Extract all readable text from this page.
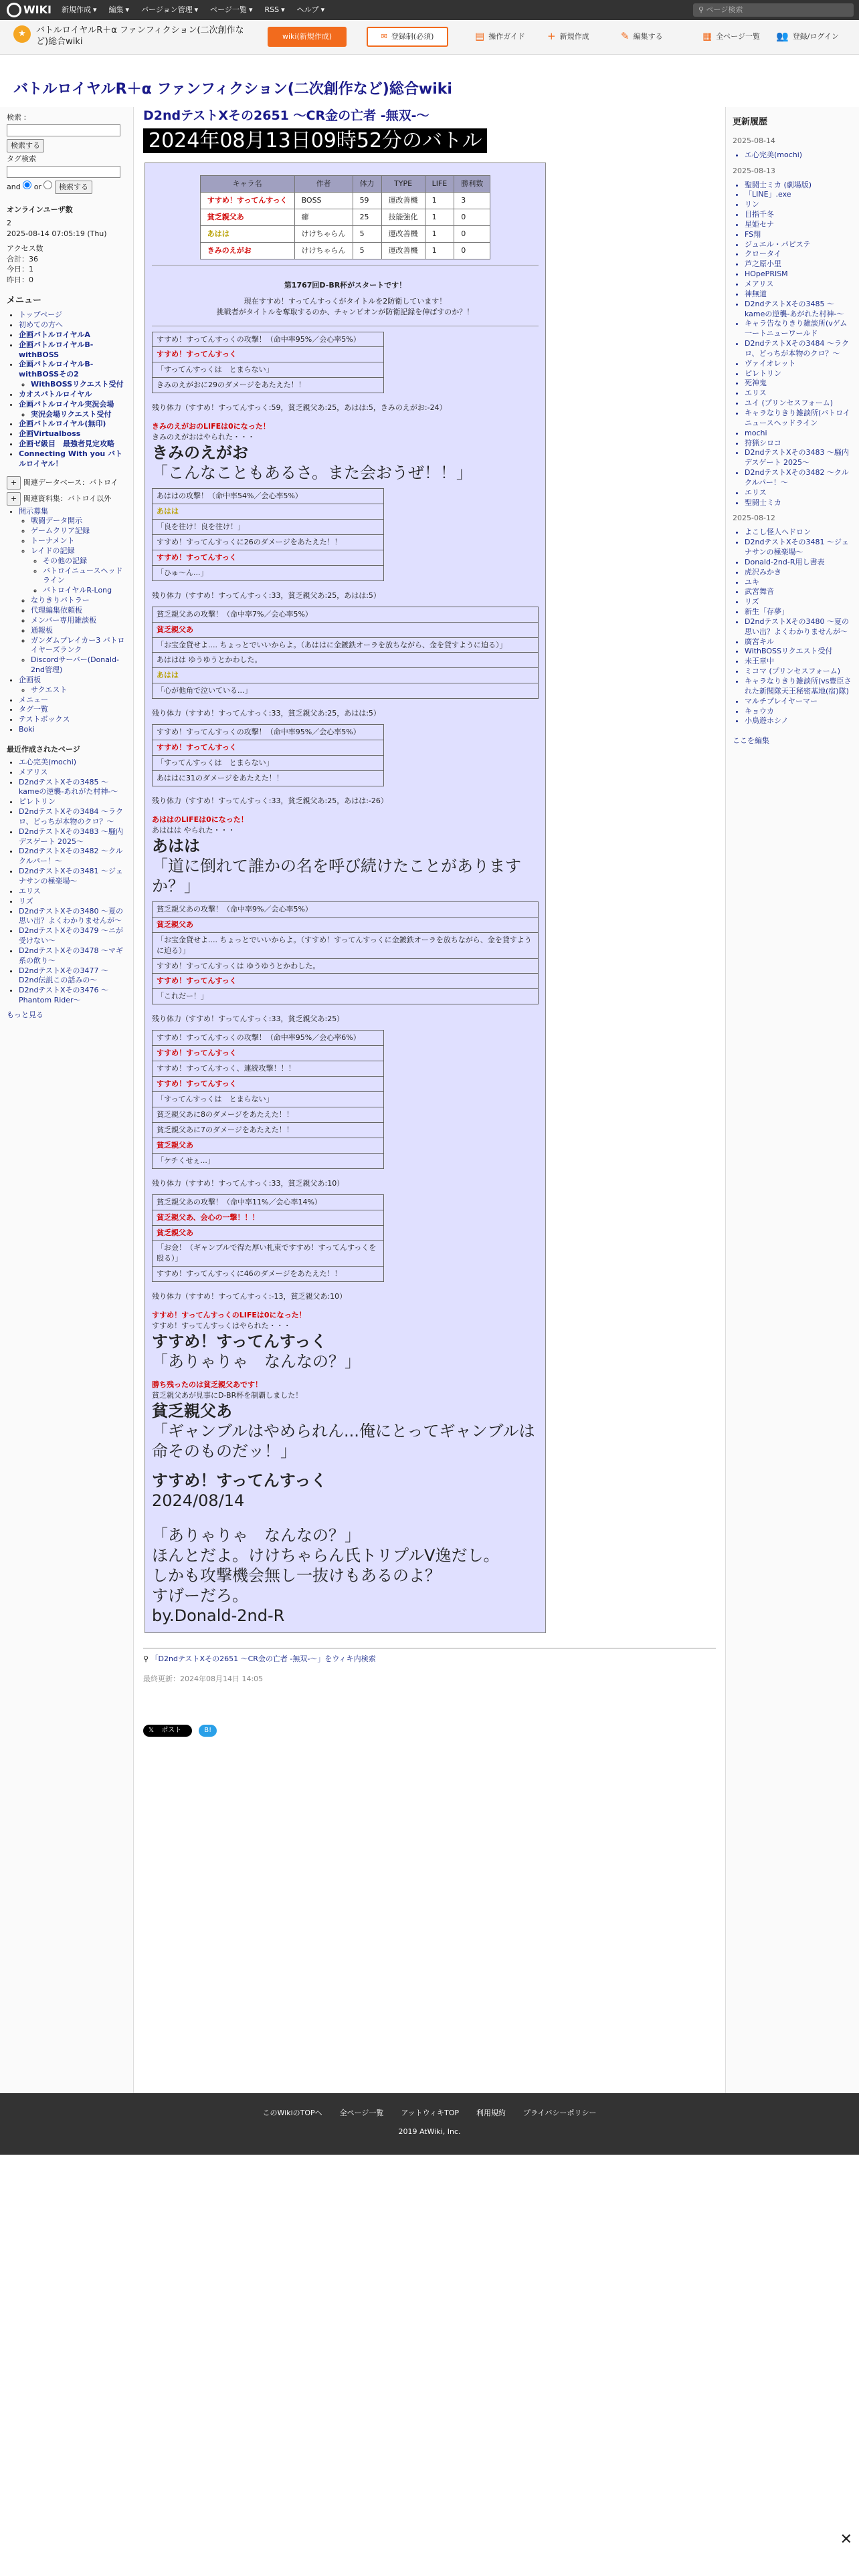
WIKI 新規作成 ▾ 編集 ▾ バージョン管理 ▾ ページ一覧 ▾ RSS ▾ ヘルプ ▾	⚲ ページ検索
★	バトルロイヤルR＋α ファンフィクション(二次創作など)総合wiki
wiki(新規作成)	✉ 登録制(必須)	▤ 操作ガイド + 新規作成	✎ 編集する	▦ 全ページ一覧 👥 登録/ログイン
バトルロイヤルR＋α ファンフィクション(二次創作など)総合wiki
検索 :
検索する
タグ検索
and or 検索する
オンラインユーザ数
2
2025-08-14 07:05:19 (Thu)
アクセス数
合計：36
今日：1
昨日：0
メニュー
• トップページ
• 初めての方へ
• 企画バトルロイヤルA
• 企画バトルロイヤルB-withBOSS
• 企画バトルロイヤルB-withBOSSその2
◦ WithBOSSリクエスト受付
• カオスバトルロイヤル
• 企画バトルロイヤル実況会場
◦ 実況会場リクエスト受付
• 企画バトルロイヤル(無印)
• 企画Virtualboss
• 企画ゼ級目　最強者見定攻略
• Connecting With you バトルロイヤル！
+ 関連データベース：バトロイ
+ 関連資料集：バトロイ以外
• 開示募集
◦ 戦闘データ開示
◦ ゲームクリア記録
◦ トーナメント
◦ レイドの記録
◦ その他の記録
◦ バトロイニュースヘッドライン
◦ バトロイヤルR-Long
◦ なりきりバトラー
◦ 代理編集依頼板
◦ メンバー専用雑談板
◦ 通報板
◦ ガンダムブレイカー3 バトロイヤーズランク
◦ Discordサーバー(Donald-2nd管理)
• 企画板
◦ サクエスト
• メニュー
• タグ一覧
• テストボックス
• Boki
最近作成されたページ
• エ心完美(mochi)
• メアリス
• D2ndテストXその3485 〜kameの逆襲-あれがた村神-〜
• ピレトリン
• D2ndテストXその3484 〜ラクロ、どっちが本物のクロ？〜
• D2ndテストXその3483 〜騒内デスゲート 2025〜
• D2ndテストXその3482 〜クルクルパー！〜
• D2ndテストXその3481 〜ジェナサンの極楽場〜
• エリス
• リズ
• D2ndテストXその3480 〜夏の思い出？よくわかりませんが〜
• D2ndテストXその3479 〜ニが受けない〜
• D2ndテストXその3478 〜マギ系の飲り〜
• D2ndテストXその3477 〜D2nd伝説この話みの〜
• D2ndテストXその3476 〜Phantom Rider〜
もっと見る
D2ndテストXその2651 〜CR金の亡者 -無双-〜
2024年08月13日09時52分のバトル
キャラ名	作者	体力	TYPE	LIFE	勝利数
すすめ！すってんすっく	BOSS	59	運改善機	1	3
貧乏親父あ	癖	25	技能強化	1	0
あはは	けけちゃらん	5	運改善機	1	0
きみのえがお	けけちゃらん	5	運改善機	1	0
第1767回D-BR杯がスタートです！
現在すすめ！すってんすっくがタイトルを2防衛しています！
挑戦者がタイトルを奪取するのか、チャンピオンが防衛記録を伸ばすのか？！
すすめ！すってんすっくの攻撃！（命中率95%／会心率5%）
すすめ！すってんすっく
「すってんすっくは　とまらない」
きみのえがおに29のダメージをあたえた！！
残り体力（すすめ！すってんすっく:59，貧乏親父あ:25，あはは:5，きみのえがお:-24）
きみのえがおのLIFEは0になった！
きみのえがおはやられた・・・
きみのえがお
「こんなこともあるさ。また会おうぜ！！」
あははの攻撃！（命中率54%／会心率5%）
あはは
「良を往け！良を往け！」
すすめ！すってんすっくに26のダメージをあたえた！！
すすめ！すってんすっく
「ひゅ〜ん...」
残り体力（すすめ！すってんすっく:33，貧乏親父あ:25，あはは:5）
貧乏親父あの攻撃！（命中率7%／会心率5%）
貧乏親父あ
「お宝金貸せよ.... ちょっとでいいからよ。（あははに金鍍鉄オーラを放ちながら、金を貸すように迫る）」
あははは ゆうゆうとかわした。
あはは
「心が他角で泣いている...」
残り体力（すすめ！すってんすっく:33，貧乏親父あ:25，あはは:5）
すすめ！すってんすっくの攻撃！（命中率95%／会心率5%）
すすめ！すってんすっく
「すってんすっくは　とまらない」
あははに31のダメージをあたえた！！
残り体力（すすめ！すってんすっく:33，貧乏親父あ:25，あはは:-26）
あははのLIFEは0になった！
あははは やられた・・・
あはは
「道に倒れて誰かの名を呼び続けたことがありますか？」
貧乏親父あの攻撃！（命中率9%／会心率5%）
貧乏親父あ
「お宝金貸せよ.... ちょっとでいいからよ。（すすめ！すってんすっくに金鍍鉄オーラを放ちながら、金を貸すように迫る）」
すすめ！すってんすっくは ゆうゆうとかわした。
すすめ！すってんすっく
「これだー！」
残り体力（すすめ！すってんすっく:33，貧乏親父あ:25）
すすめ！すってんすっくの攻撃！（命中率95%／会心率6%）
すすめ！すってんすっく
すすめ！すってんすっく、連続攻撃！！！
すすめ！すってんすっく
「すってんすっくは　とまらない」
貧乏親父あに8のダメージをあたえた！！
貧乏親父あに7のダメージをあたえた！！
貧乏親父あ
「ケチくせぇ...」
残り体力（すすめ！すってんすっく:33，貧乏親父あ:10）
貧乏親父あの攻撃！（命中率11%／会心率14%）
貧乏親父あ、会心の一撃！！！
貧乏親父あ
「お金！（ギャンブルで得た厚い札束ですすめ！すってんすっくを殴る）」
すすめ！すってんすっくに46のダメージをあたえた！！
残り体力（すすめ！すってんすっく:-13，貧乏親父あ:10）
すすめ！すってんすっくのLIFEは0になった！
すすめ！すってんすっくはやられた・・・
すすめ！すってんすっく
「ありゃりゃ　なんなの？」
勝ち残ったのは貧乏親父あです！
貧乏親父あが見事にD-BR杯を制覇しました！
貧乏親父あ
「ギャンブルはやめられん...俺にとってギャンブルは命そのものだッ！」
すすめ！すってんすっく
2024/08/14
「ありゃりゃ　なんなの？」
ほんとだよ。けけちゃらん氏トリプルV逸だし。
しかも攻撃機会無し一抜けもあるのよ？
すげーだろ。
by.Donald-2nd-R
⚲ 「D2ndテストXその2651 〜CR金の亡者 -無双-〜」をウィキ内検索
最終更新：2024年08月14日 14:05
𝕏 ポスト	B!
更新履歴
2025-08-14
• エ心完美(mochi)
2025-08-13
• 聖闘士ミカ (劇場版)
• 「LINE」.exe
• リン
• 目指千冬
• 星姫セナ
• FS翔
• ジュエル・パピステ
• クロータイ
• 芦之原小里
• HOpePRISM
• メアリス
• 神無道
• D2ndテストXその3485 〜kameの逆襲-あがれた村神-〜
• キャラ告なりきり雑談所(vゲム一ートニューワールド
• D2ndテストXその3484 〜ラクロ、どっちが本物のクロ？〜
• ヴァイオレット
• ピレトリン
• 死神鬼
• エリス
• ユイ (プリンセスフォーム)
• キャラなりきり雑談所(バトロイニュースヘッドライン
• mochi
• 狩猟シロコ
• D2ndテストXその3483 〜騒内デスゲート 2025〜
• D2ndテストXその3482 〜クルクルパー！〜
• エリス
• 聖闘士ミカ
2025-08-12
• よこし怪人ヘドロン
• D2ndテストXその3481 〜ジェナサンの極楽場〜
• Donald-2nd-R用し書表
• 虎沢みかき
• ユキ
• 武宮舞音
• リズ
• 新生「存夢」
• D2ndテストXその3480 〜夏の思い出？よくわかりませんが〜
• 廣宮キル
• WithBOSSリクエスト受付
• 未王章中
• ミコマ (プリンセスフォーム)
• キャラなりきり雑談所(vs豊臣された新聞隊天王秘密基地(宿)隊)
• マルチプレイヤーマー
• キョウカ
• 小鳥遊ホシノ
ここを編集
このWikiのTOPへ 全ページ一覧 アットウィキTOP 利用規約 プライバシーポリシー
2019 AtWiki, Inc.
✕
